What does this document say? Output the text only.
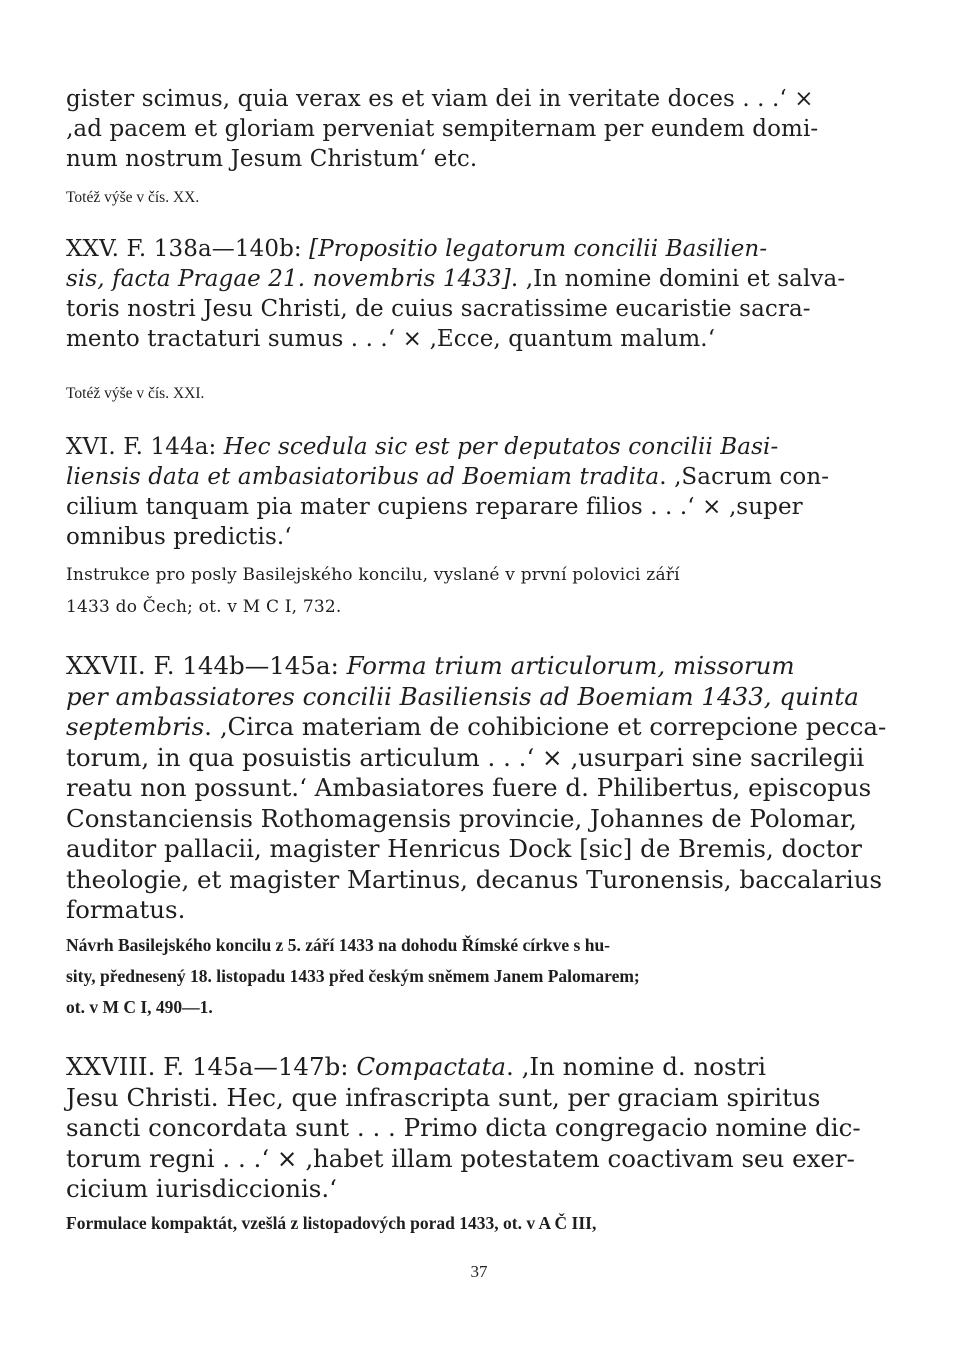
gister scimus, quia verax es et viam dei in veritate doces . . .‘ ×
‚ad pacem et gloriam perveniat sempiternam per eundem domi-
num nostrum Jesum Christum‘ etc.
Totéž výše v čís. XX.
XXV. F. 138a—140b: [Propositio legatorum concilii Basilien-
sis, facta Pragae 21. novembris 1433]. ‚In nomine domini et salva-
toris nostri Jesu Christi, de cuius sacratissime eucaristie sacra-
mento tractaturi sumus . . .‘ × ‚Ecce, quantum malum.‘
Totéž výše v čís. XXI.
XVI. F. 144a: Hec scedula sic est per deputatos concilii Basi-
liensis data et ambasiatoribus ad Boemiam tradita. ‚Sacrum con-
cilium tanquam pia mater cupiens reparare filios . . .‘ × ‚super
omnibus predictis.‘
Instrukce pro posly Basilejského koncilu, vyslané v první polovici září
1433 do Čech; ot. v M C I, 732.
XXVII. F. 144b—145a: Forma trium articulorum, missorum
per ambassiatores concilii Basiliensis ad Boemiam 1433, quinta
septembris. ‚Circa materiam de cohibicione et correpcione pecca-
torum, in qua posuistis articulum . . .‘ × ‚usurpari sine sacrilegii
reatu non possunt.‘ Ambasiatores fuere d. Philibertus, episcopus
Constanciensis Rothomagensis provincie, Johannes de Polomar,
auditor pallacii, magister Henricus Dock [sic] de Bremis, doctor
theologie, et magister Martinus, decanus Turonensis, baccalarius
formatus.
Návrh Basilejského koncilu z 5. září 1433 na dohodu Římské církve s hu-
sity, přednesený 18. listopadu 1433 před českým sněmem Janem Palomarem;
ot. v M C I, 490—1.
XXVIII. F. 145a—147b: Compactata. ‚In nomine d. nostri
Jesu Christi. Hec, que infrascripta sunt, per graciam spiritus
sancti concordata sunt . . . Primo dicta congregacio nomine dic-
torum regni . . .‘ × ‚habet illam potestatem coactivam seu exer-
cicium iurisdiccionis.‘
Formulace kompaktát, vzešlá z listopadových porad 1433, ot. v A Č III,
37
